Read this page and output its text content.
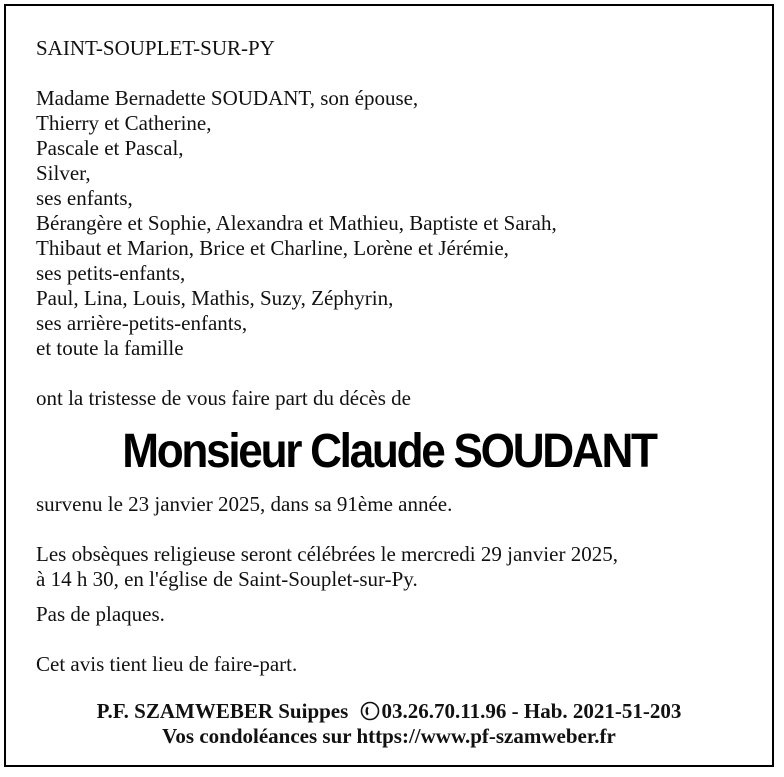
SAINT-SOUPLET-SUR-PY
Madame Bernadette SOUDANT, son épouse,
Thierry et Catherine,
Pascale et Pascal,
Silver,
ses enfants,
Bérangère et Sophie, Alexandra et Mathieu, Baptiste et Sarah,
Thibaut et Marion, Brice et Charline, Lorène et Jérémie,
ses petits-enfants,
Paul, Lina, Louis, Mathis, Suzy, Zéphyrin,
ses arrière-petits-enfants,
et toute la famille
ont la tristesse de vous faire part du décès de
Monsieur Claude SOUDANT
survenu le 23 janvier 2025, dans sa 91ème année.
Les obsèques religieuse seront célébrées le mercredi 29 janvier 2025,
à 14 h 30, en l'église de Saint-Souplet-sur-Py.
Pas de plaques.
Cet avis tient lieu de faire-part.
P.F. SZAMWEBER Suippes 03.26.70.11.96 - Hab. 2021-51-203
Vos condoléances sur https://www.pf-szamweber.fr
